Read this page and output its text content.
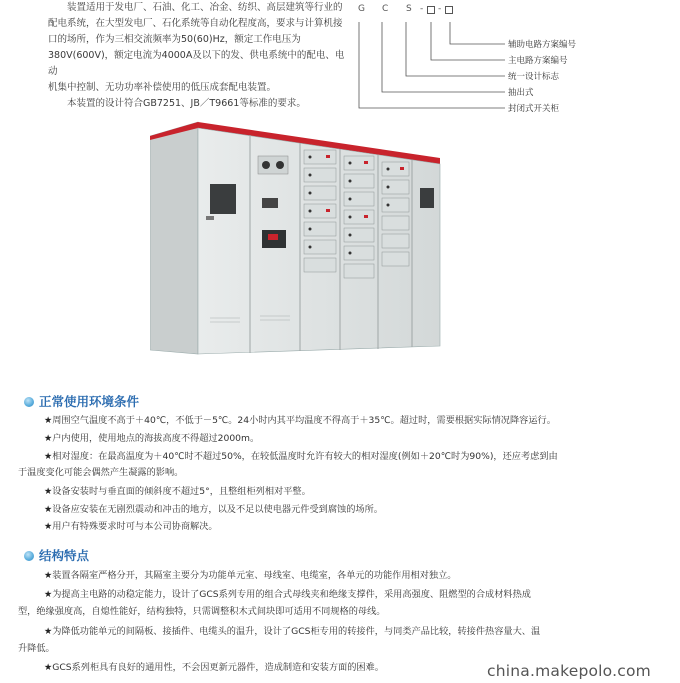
装置适用于发电厂、石油、化工、冶金、纺织、高层建筑等行业的

配电系统，在大型发电厂、石化系统等自动化程度高，要求与计算机接

口的场所，作为三相交流频率为50(60)Hz，额定工作电压为

380V(600V)，额定电流为4000A及以下的发、供电系统中的配电、电动

机集中控制、无功功率补偿使用的低压成套配电装置。

本装置的设计符合GB7251、JB／T9661等标准的要求。

G C S - -
辅助电路方案编号
主电路方案编号
统一设计标志
抽出式
封闭式开关柜
正常使用环境条件
★周围空气温度不高于＋40℃，不低于－5℃。24小时内其平均温度不得高于＋35℃。超过时，需要根据实际情况降容运行。
★户内使用，使用地点的海拔高度不得超过2000m。
★相对湿度：在最高温度为＋40℃时不超过50%，在较低温度时允许有较大的相对湿度(例如＋20℃时为90%)，还应考虑到由
于温度变化可能会偶然产生凝露的影响。
★设备安装时与垂直面的倾斜度不超过5°，且整组柜列相对平整。
★设备应安装在无剧烈震动和冲击的地方，以及不足以使电器元件受到腐蚀的场所。
★用户有特殊要求时可与本公司协商解决。
结构特点
★装置各隔室严格分开，其隔室主要分为功能单元室、母线室、电缆室，各单元的功能作用相对独立。
★为提高主电路的动稳定能力，设计了GCS系列专用的组合式母线夹和绝缘支撑件，采用高强度、阻燃型的合成材料热成
型，绝缘强度高，自熄性能好，结构独特，只需调整积木式间块即可适用不同规格的母线。
★为降低功能单元的间隔板、接插件、电缆头的温升，设计了GCS柜专用的转接件，与同类产品比较，转接件热容量大、温
升降低。
★GCS系列柜具有良好的通用性，不会因更新元器件，造成制造和安装方面的困难。	china.makepolo.com
